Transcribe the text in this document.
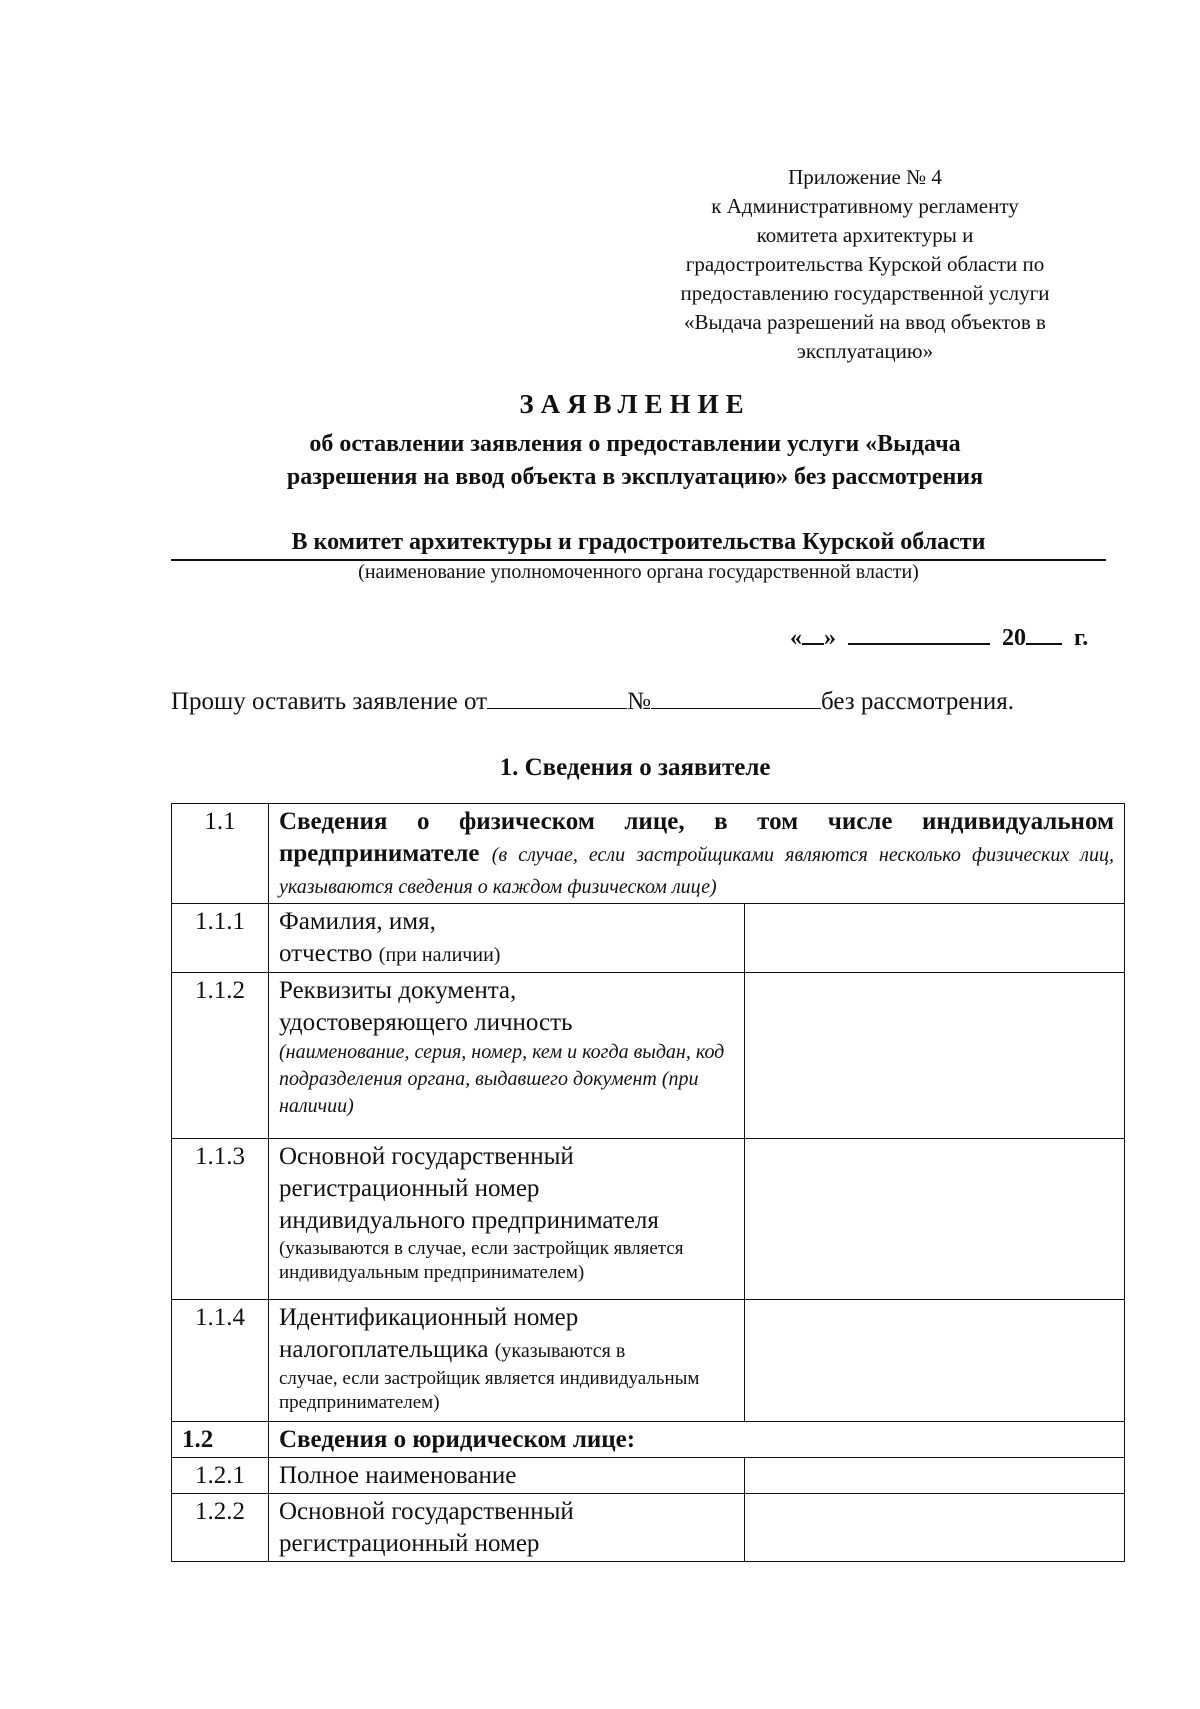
Приложение № 4
к Административному регламенту
комитета архитектуры и
градостроительства Курской области по
предоставлению государственной услуги
«Выдача разрешений на ввод объектов в
эксплуатацию»
ЗАЯВЛЕНИЕ
об оставлении заявления о предоставлении услуги «Выдача
разрешения на ввод объекта в эксплуатацию» без рассмотрения
В комитет архитектуры и градостроительства Курской области
(наименование уполномоченного органа государственной власти)
« »	20 г.
Прошу оставить заявление от	№	без рассмотрения.
1. Сведения о заявителе
1.1	Сведения о физическом лице, в том числе индивидуальном предпринимателе (в случае, если застройщиками являются несколько физических лиц, указываются сведения о каждом физическом лице)	

1.1.1	Фамилия, имя,
отчество (при наличии)	
1.1.2	Реквизиты документа,
удостоверяющего личность
(наименование, серия, номер, кем и когда выдан, код подразделения органа, выдавшего документ (при наличии)	

1.1.3	Основной государственный
регистрационный номер
индивидуального предпринимателя
(указываются в случае, если застройщик является индивидуальным предпринимателем)	

1.1.4	Идентификационный номер
налогоплательщика (указываются в
случае, если застройщик является индивидуальным предпринимателем)	

1.2	Сведения о юридическом лице:	
1.2.1	Полное наименование	
1.2.2	Основной государственный
регистрационный номер	
